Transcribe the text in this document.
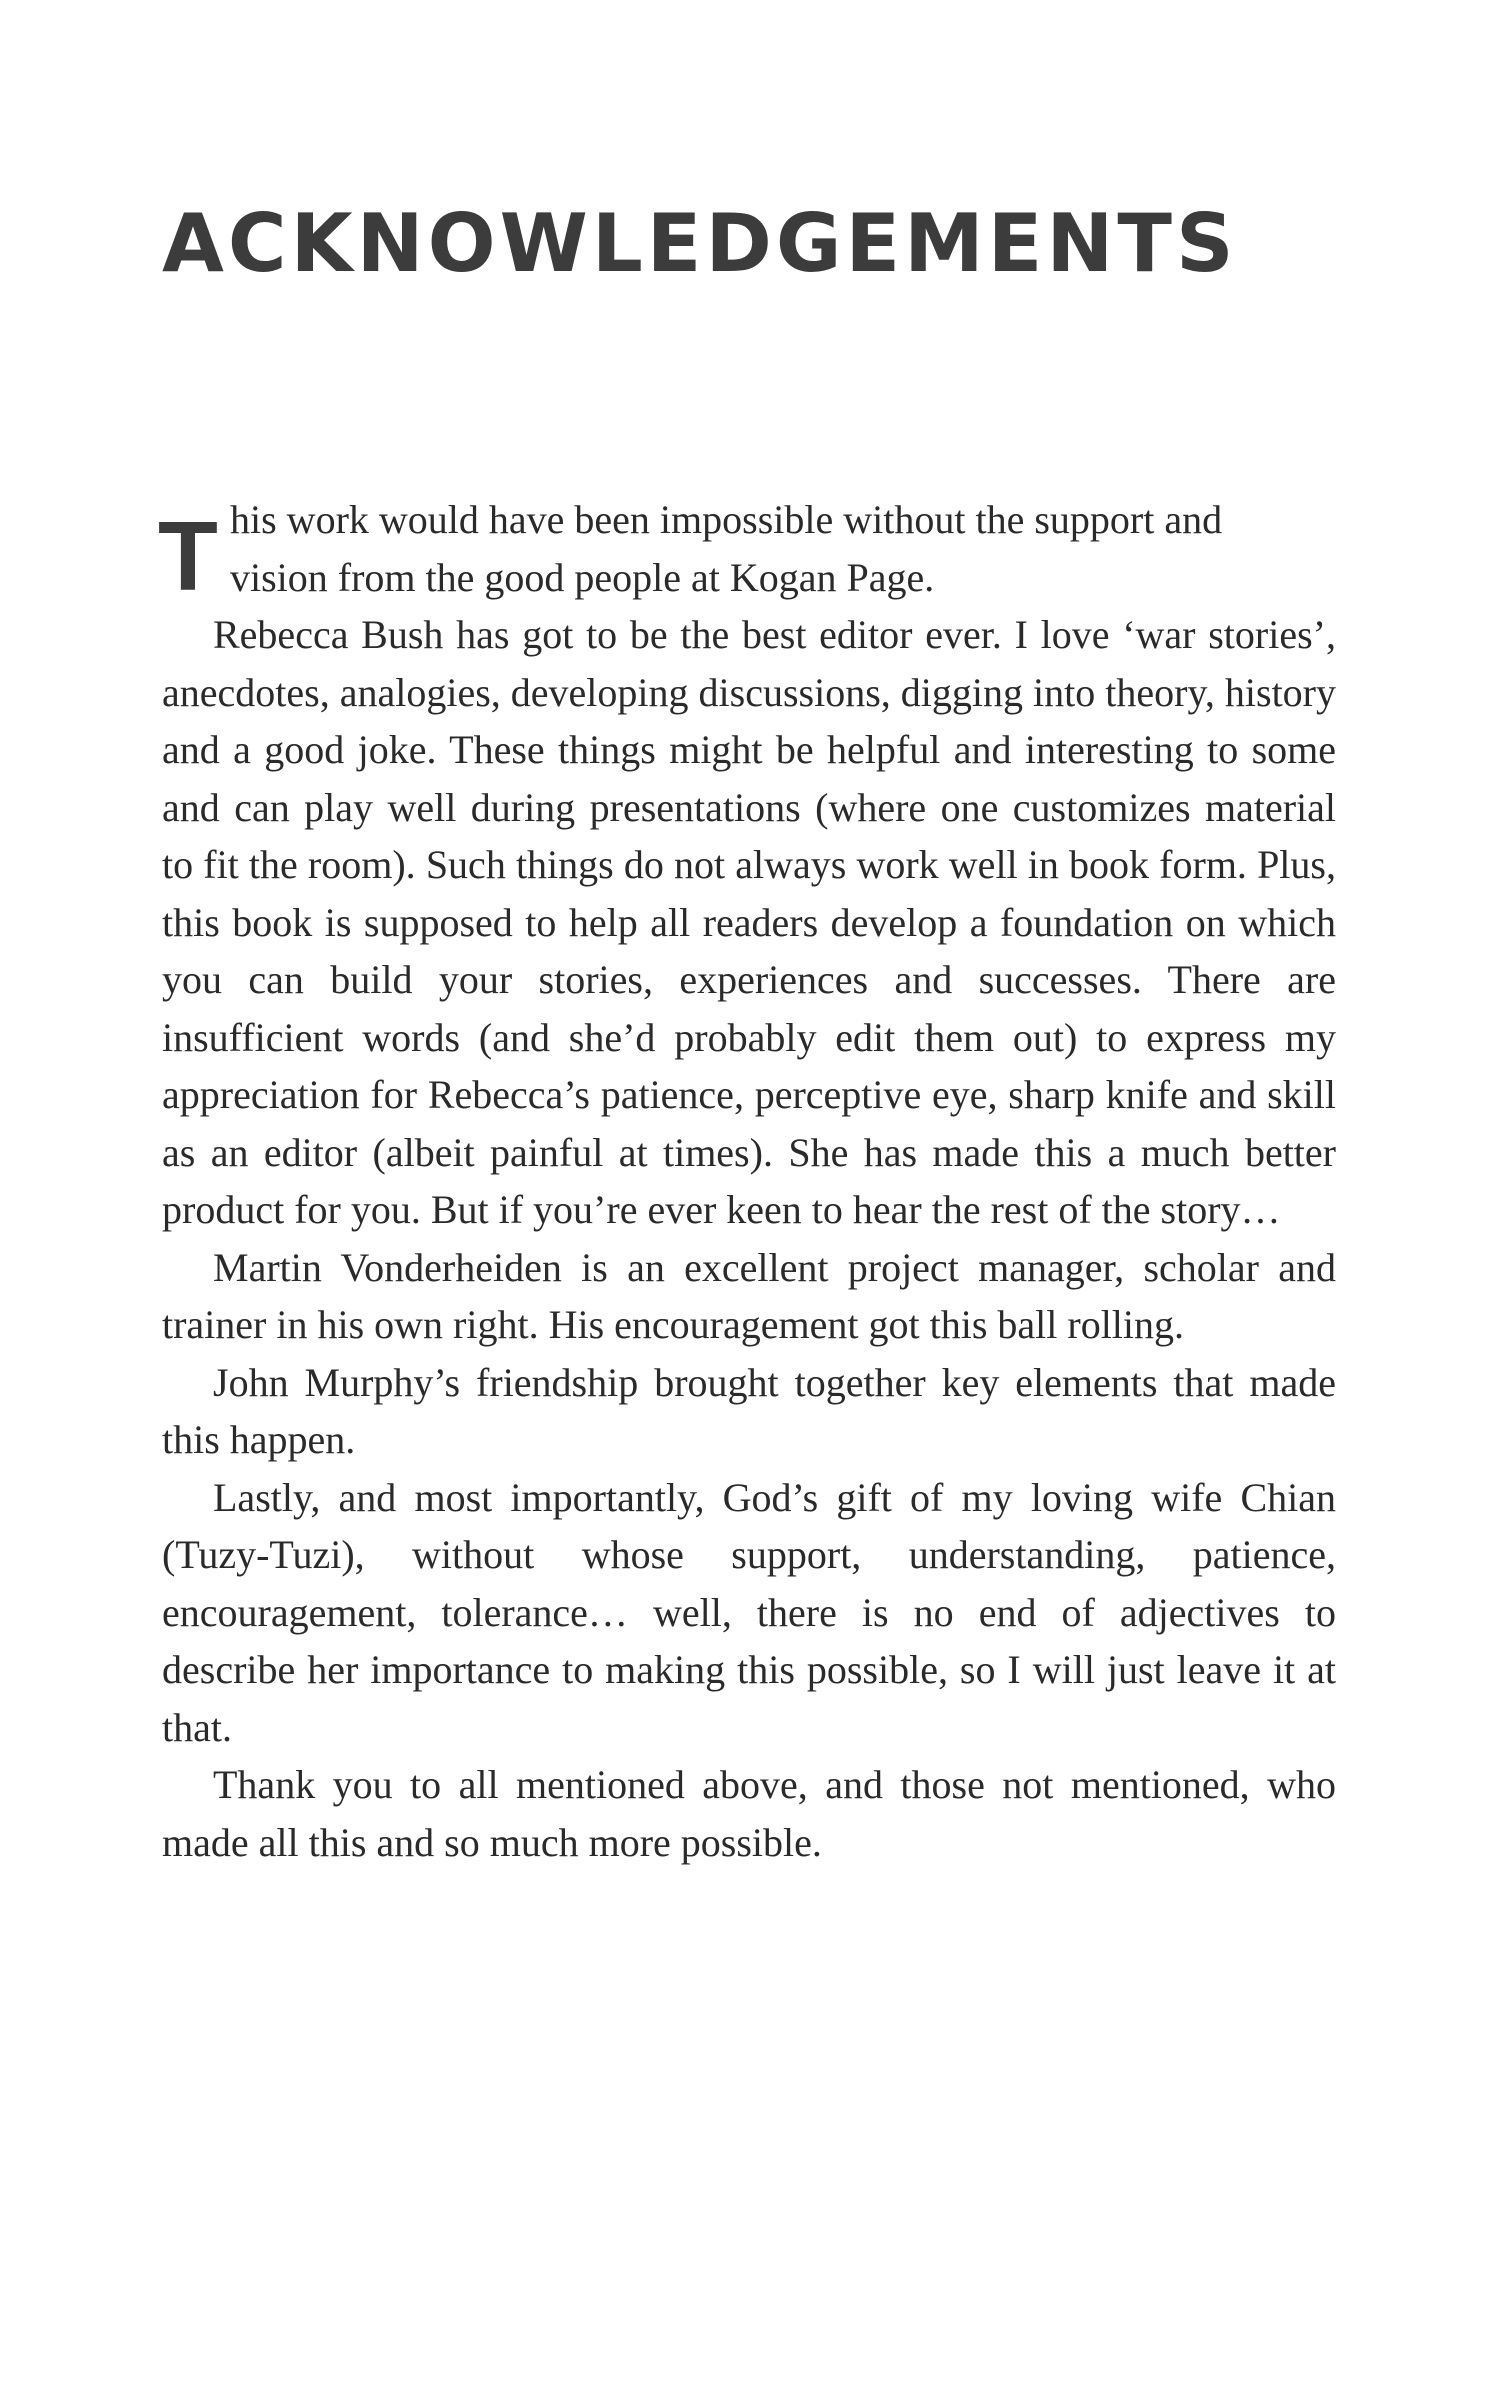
ACKNOWLEDGEMENTS
T his work would have been impossible without the support and
vision from the good people at Kogan Page.

Rebecca Bush has got to be the best editor ever. I love ‘war stories’, anecdotes, analogies, developing discussions, digging into theory, history and a good joke. These things might be helpful and interesting to some and can play well during presentations (where one customizes material to fit the room). Such things do not always work well in book form. Plus, this book is supposed to help all readers develop a foundation on which you can build your stories, experiences and successes. There are insufficient words (and she’d probably edit them out) to express my appreciation for Rebecca’s patience, perceptive eye, sharp knife and skill as an editor (albeit painful at times). She has made this a much better product for you. But if you’re ever keen to hear the rest of the story…

Martin Vonderheiden is an excellent project manager, scholar and trainer in his own right. His encouragement got this ball rolling.

John Murphy’s friendship brought together key elements that made this happen.

Lastly, and most importantly, God’s gift of my loving wife Chian (Tuzy-Tuzi), without whose support, understanding, patience, encouragement, tolerance… well, there is no end of adjectives to describe her importance to making this possible, so I will just leave it at that.

Thank you to all mentioned above, and those not mentioned, who made all this and so much more possible.
